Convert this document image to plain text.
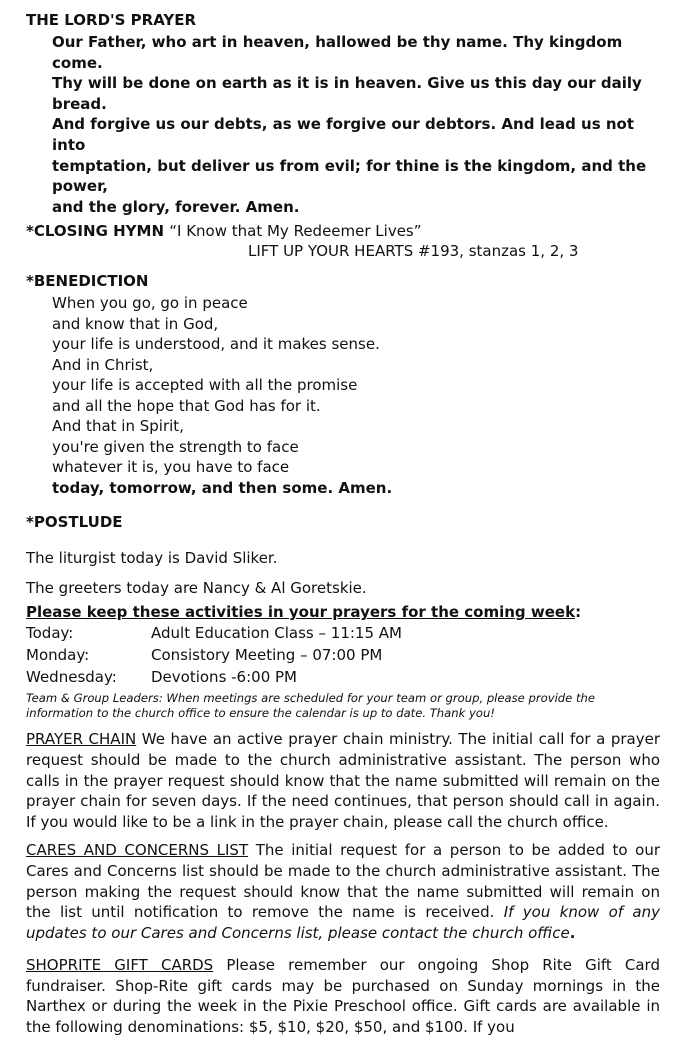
THE LORD'S PRAYER

Our Father, who art in heaven, hallowed be thy name. Thy kingdom come.

Thy will be done on earth as it is in heaven. Give us this day our daily bread.

And forgive us our debts, as we forgive our debtors. And lead us not into

temptation, but deliver us from evil; for thine is the kingdom, and the power,

and the glory, forever. Amen.

*CLOSING HYMN “I Know that My Redeemer Lives”
LIFT UP YOUR HEARTS #193, stanzas 1, 2, 3
*BENEDICTION
When you go, go in peace
and know that in God,
your life is understood, and it makes sense.
And in Christ,
your life is accepted with all the promise
and all the hope that God has for it.
And that in Spirit,
you're given the strength to face
whatever it is, you have to face
today, tomorrow, and then some. Amen.
*POSTLUDE
The liturgist today is David Sliker.
The greeters today are Nancy & Al Goretskie.
Please keep these activities in your prayers for the coming week:
Today:	Adult Education Class – 11:15 AM
Monday:	Consistory Meeting – 07:00 PM
Wednesday:	Devotions -6:00 PM
Team & Group Leaders: When meetings are scheduled for your team or group, please provide the information to the church office to ensure the calendar is up to date. Thank you!
PRAYER CHAIN We have an active prayer chain ministry. The initial call for a prayer request should be made to the church administrative assistant. The person who calls in the prayer request should know that the name submitted will remain on the prayer chain for seven days. If the need continues, that person should call in again. If you would like to be a link in the prayer chain, please call the church office.
CARES AND CONCERNS LIST The initial request for a person to be added to our Cares and Concerns list should be made to the church administrative assistant. The person making the request should know that the name submitted will remain on the list until notification to remove the name is received. If you know of any updates to our Cares and Concerns list, please contact the church office.
SHOPRITE GIFT CARDS Please remember our ongoing Shop Rite Gift Card fundraiser. Shop-Rite gift cards may be purchased on Sunday mornings in the Narthex or during the week in the Pixie Preschool office. Gift cards are available in the following denominations: $5, $10, $20, $50, and $100. If you
